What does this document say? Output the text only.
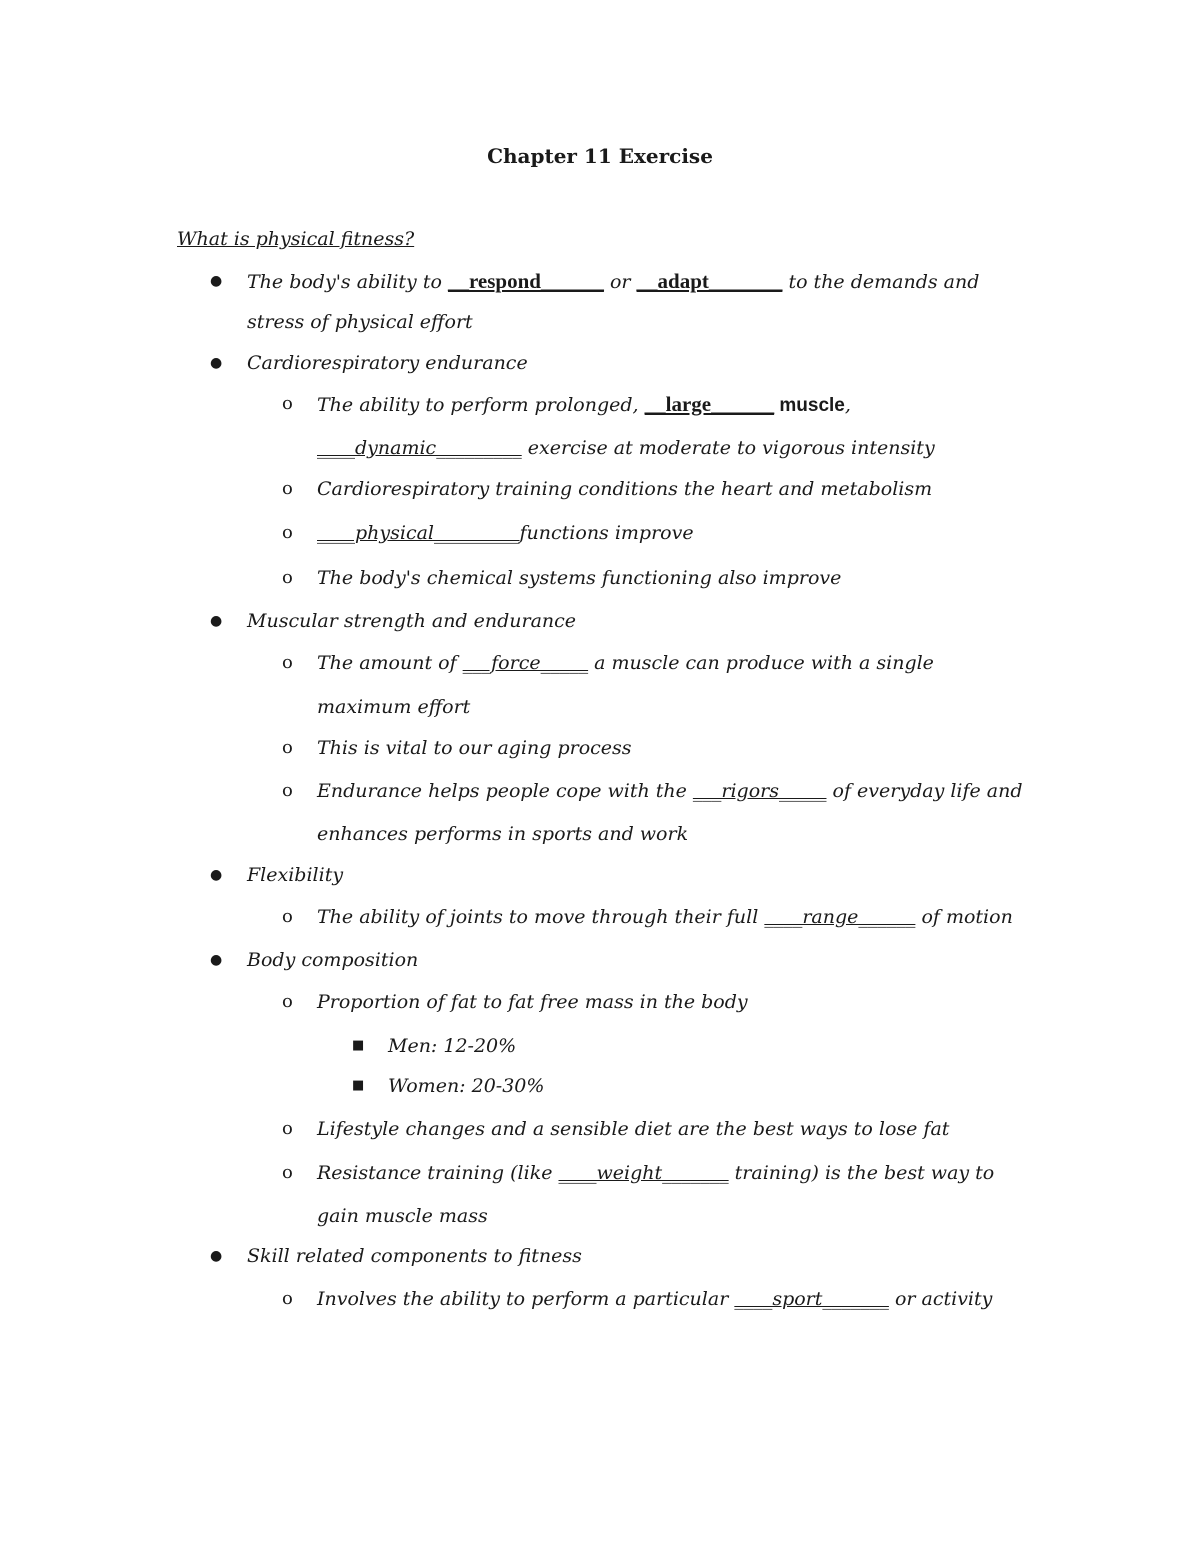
Chapter 11 Exercise
What is physical fitness?
● The body's ability to __respond______ or __adapt_______ to the demands and
stress of physical effort
● Cardiorespiratory endurance
o The ability to perform prolonged, __large______ muscle,
____dynamic_________ exercise at moderate to vigorous intensity
o Cardiorespiratory training conditions the heart and metabolism
o ____physical_________functions improve
o The body's chemical systems functioning also improve
● Muscular strength and endurance
o The amount of ___force_____ a muscle can produce with a single
maximum effort
o This is vital to our aging process
o Endurance helps people cope with the ___rigors_____ of everyday life and
enhances performs in sports and work
● Flexibility
o The ability of joints to move through their full ____range______ of motion
● Body composition
o Proportion of fat to fat free mass in the body
■ Men: 12-20%
■ Women: 20-30%
o Lifestyle changes and a sensible diet are the best ways to lose fat
o Resistance training (like ____weight_______ training) is the best way to
gain muscle mass
● Skill related components to fitness
o Involves the ability to perform a particular ____sport_______ or activity
